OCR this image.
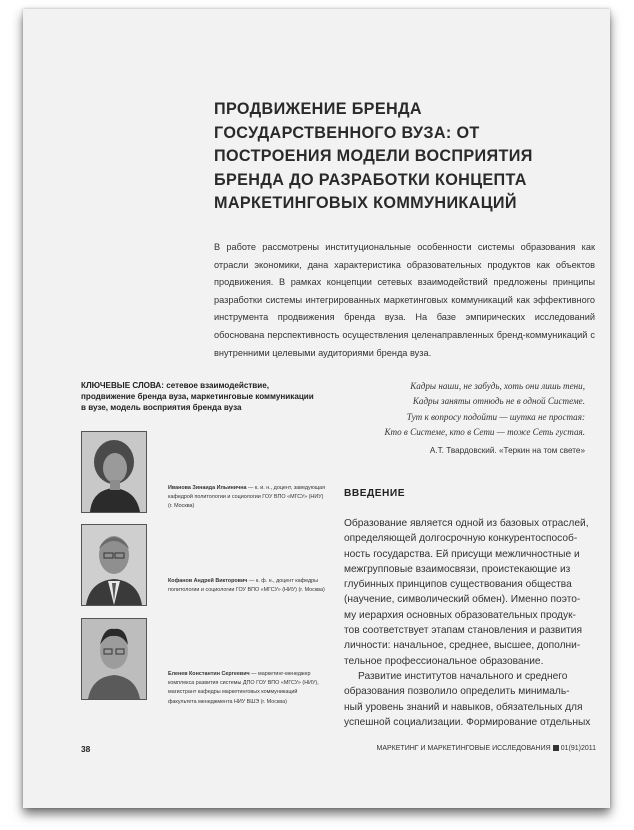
ПРОДВИЖЕНИЕ БРЕНДА ГОСУДАРСТВЕННОГО ВУЗА: ОТ ПОСТРОЕНИЯ МОДЕЛИ ВОСПРИЯТИЯ БРЕНДА ДО РАЗРАБОТКИ КОНЦЕПТА МАРКЕТИНГОВЫХ КОММУНИКАЦИЙ
В работе рассмотрены институциональные особенности системы образования как отрасли экономики, дана характеристика образовательных продуктов как объектов продвижения. В рамках концепции сетевых взаимодействий предложены принципы разработки системы интегрированных маркетинговых коммуникаций как эффективного инструмента продвижения бренда вуза. На базе эмпирических исследований обоснована перспективность осуществления целенаправленных бренд-коммуникаций с внутренними целевыми аудиториями бренда вуза.
КЛЮЧЕВЫЕ СЛОВА: сетевое взаимодействие, продвижение бренда вуза, маркетинговые коммуникации в вузе, модель восприятия бренда вуза
Кадры наши, не забудь, хоть они лишь тени,
Кадры заняты отнюдь не в одной Системе.
Тут к вопросу подойти — шутка не простая:
Кто в Системе, кто в Сети — тоже Сеть густая.
А.Т. Твардовский. «Теркин на том свете»
Иванова Зинаида Ильинична — к. и. н., доцент, заведующая кафедрой политологии и социологии ГОУ ВПО «МГСУ» (НИУ) (г. Москва)
Кофанов Андрей Викторович — к. ф. н., доцент кафедры политологии и социологии ГОУ ВПО «МГСУ» (НИУ) (г. Москва)
Еленев Константин Сергеевич — маркетинг-менеджер комплекса развития системы ДПО ГОУ ВПО «МГСУ» (НИУ), магистрант кафедры маркетинговых коммуникаций факультета менеджмента НИУ ВШЭ (г. Москва)
ВВЕДЕНИЕ
Образование является одной из базовых отраслей,
определяющей долгосрочную конкурентоспособ-
ность государства. Ей присущи межличностные и
межгрупповые взаимосвязи, проистекающие из
глубинных принципов существования общества
(научение, символический обмен). Именно поэто-
му иерархия основных образовательных продук-
тов соответствует этапам становления и развития
личности: начальное, среднее, высшее, дополни-
тельное профессиональное образование.
Развитие институтов начального и среднего
образования позволило определить минималь-
ный уровень знаний и навыков, обязательных для
успешной социализации. Формирование отдельных
38	МАРКЕТИНГ И МАРКЕТИНГОВЫЕ ИССЛЕДОВАНИЯ 01(91)2011
